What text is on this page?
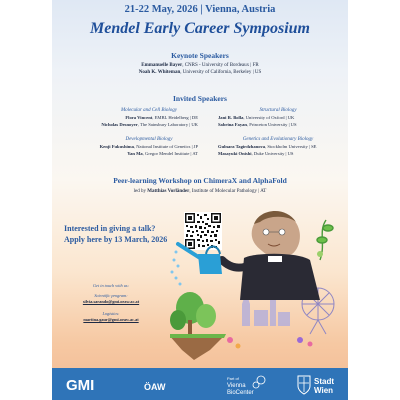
21-22 May, 2026 | Vienna, Austria
Mendel Early Career Symposium
Keynote Speakers
Emmanuelle Bayer, CNRS - University of Bordeaux | FR
Noah K. Whiteman, University of California, Berkeley | US
Invited Speakers
Molecular and Cell Biology
Flora Vincent, EMBL Heidelberg | DE
Nicholas Desnoyer, The Sainsbury Laboratory | UK
Structural Biology
Jani R. Bolla, University of Oxford | UK
Sabrina Fayan, Princeton University | US
Developmental Biology
Kenji Fukushima, National Institute of Genetics | JP
Yan Ma, Gregor Mendel Institute | AT
Genetics and Evolutionary Biology
Gulnara Tagirdzhanova, Stockholm University | SE
Masayuki Onishi, Duke University | US
Peer-learning Workshop on ChimeraX and AlphaFold
led by Matthias Vorländer, Institute of Molecular Pathology | AT
Interested in giving a talk?
Apply here by 13 March, 2026
Get in touch with us:
Scientific program:
silvia.sarando@gmi.oeaw.ac.at
Logistics:
martina.gaur@gmi.oeaw.ac.at
GMI	ÖAW
Part of
Vienna
BioCenter
Stadt
Wien
